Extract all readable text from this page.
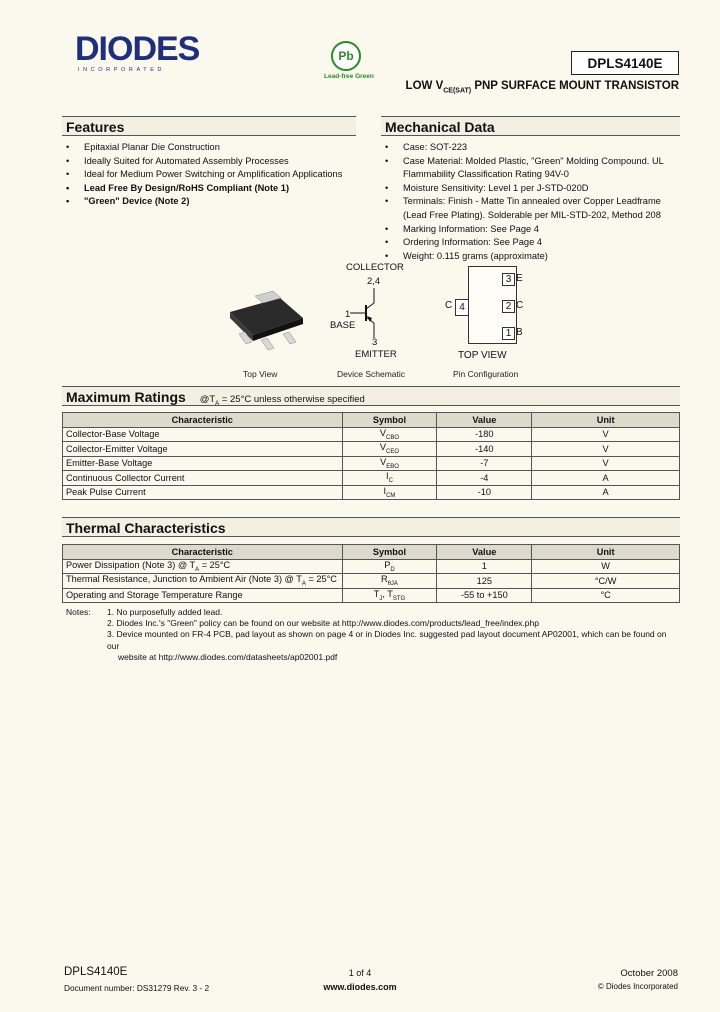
DIODES
INCORPORATED
Pb
Lead-free Green
DPLS4140E
LOW $V_{CE(SAT)}$ PNP SURFACE MOUNT TRANSISTOR
Features
• Epitaxial Planar Die Construction
• Ideally Suited for Automated Assembly Processes
• Ideal for Medium Power Switching or Amplification Applications
• Lead Free By Design/RoHS Compliant (Note 1)
• "Green" Device (Note 2)
Mechanical Data
• Case: SOT-223
• Case Material: Molded Plastic, "Green" Molding Compound. UL Flammability Classification Rating 94V-0
• Moisture Sensitivity: Level 1 per J-STD-020D
• Terminals: Finish - Matte Tin annealed over Copper Leadframe (Lead Free Plating). Solderable per MIL-STD-202, Method 208
• Marking Information: See Page 4
• Ordering Information: See Page 4
• Weight: 0.115 grams (approximate)
Top View
COLLECTOR
2,4
1
BASE
3
EMITTER
Device Schematic
4
C
3 E
2 C
1 B
TOP VIEW
Pin Configuration
Maximum Ratings $@T_A = 25^\circ C$ unless otherwise specified
Characteristic	Symbol	Value	Unit
Collector-Base Voltage	$V_{CBO}$	-180	V
Collector-Emitter Voltage	$V_{CEO}$	-140	V
Emitter-Base Voltage	$V_{EBO}$	-7	V
Continuous Collector Current	$I_C$	-4	A
Peak Pulse Current	$I_{CM}$	-10	A
Thermal Characteristics
Characteristic	Symbol	Value	Unit
Power Dissipation (Note 3) @ $T_A = 25^\circ C$	$P_D$	1	W
Thermal Resistance, Junction to Ambient Air (Note 3) @ $T_A = 25^\circ C$	$R_{\theta JA}$	125	°C/W
Operating and Storage Temperature Range	$T_J$, $T_{STG}$	-55 to +150	°C
Notes: 1. No purposefully added lead.
2. Diodes Inc.'s "Green" policy can be found on our website at http://www.diodes.com/products/lead_free/index.php
3. Device mounted on FR-4 PCB, pad layout as shown on page 4 or in Diodes Inc. suggested pad layout document AP02001, which can be found on our
website at http://www.diodes.com/datasheets/ap02001.pdf
DPLS4140E
Document number: DS31279 Rev. 3 - 2
1 of 4
www.diodes.com
October 2008
© Diodes Incorporated
